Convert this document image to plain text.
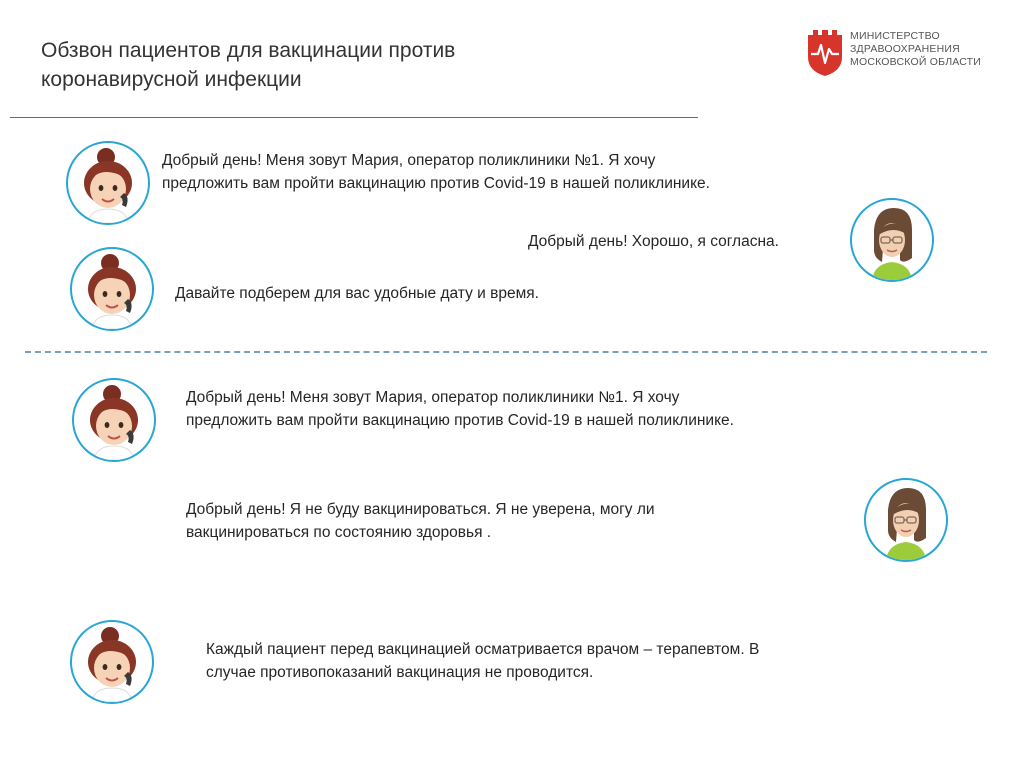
Обзвон пациентов для вакцинации против
коронавирусной инфекции
МИНИСТЕРСТВО
ЗДРАВООХРАНЕНИЯ
МОСКОВСКОЙ ОБЛАСТИ
Добрый день! Меня зовут Мария, оператор поликлиники №1. Я хочу
предложить вам пройти вакцинацию против Covid-19 в нашей поликлинике.
Добрый день! Хорошо, я согласна.
Давайте подберем для вас удобные дату и время.
Добрый день! Меня зовут Мария, оператор поликлиники №1. Я хочу
предложить вам пройти вакцинацию против Covid-19 в нашей поликлинике.
Добрый день! Я не буду вакцинироваться. Я не уверена, могу ли
вакцинироваться по состоянию здоровья .
Каждый пациент перед вакцинацией осматривается врачом – терапевтом. В
случае противопоказаний вакцинация не проводится.
